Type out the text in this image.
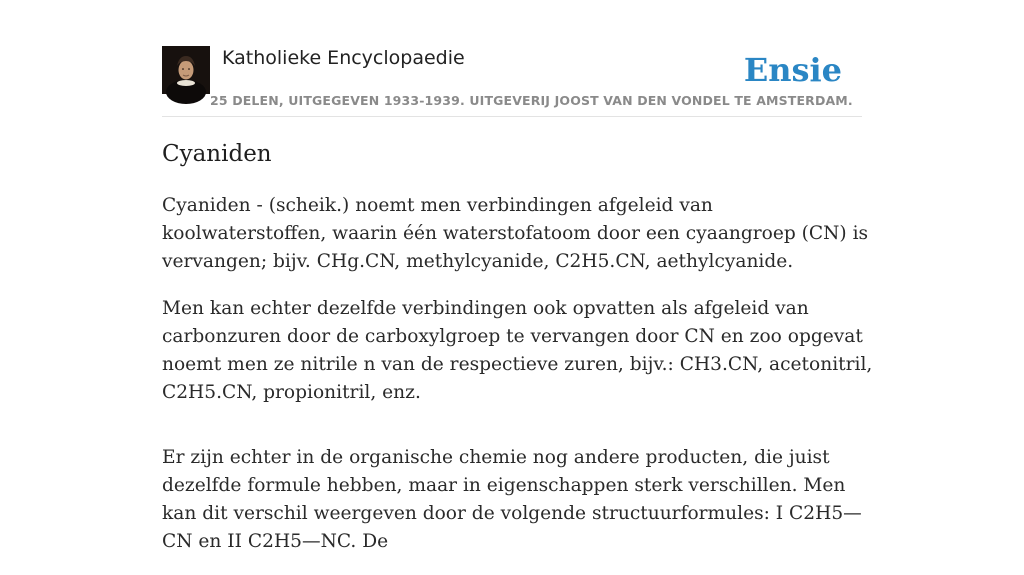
Katholieke Encyclopaedie
25 DELEN, UITGEGEVEN 1933-1939. UITGEVERIJ JOOST VAN DEN VONDEL TE AMSTERDAM.
Ensie
Cyaniden

Cyaniden - (scheik.) noemt men verbindingen afgeleid van koolwaterstoffen, waarin één waterstofatoom door een cyaangroep (CN) is vervangen; bijv. CHg.CN, methylcyanide, C2H5.CN, aethylcyanide.

Men kan echter dezelfde verbindingen ook opvatten als afgeleid van carbonzuren door de carboxylgroep te vervangen door CN en zoo opgevat noemt men ze nitrile n van de respectieve zuren, bijv.: CH3.CN, acetonitril, C2H5.CN, propionitril, enz.

Er zijn echter in de organische chemie nog andere producten, die juist dezelfde formule hebben, maar in eigenschappen sterk verschillen. Men kan dit verschil weergeven door de volgende structuurformules: I C2H5—CN en II C2H5—NC. De
